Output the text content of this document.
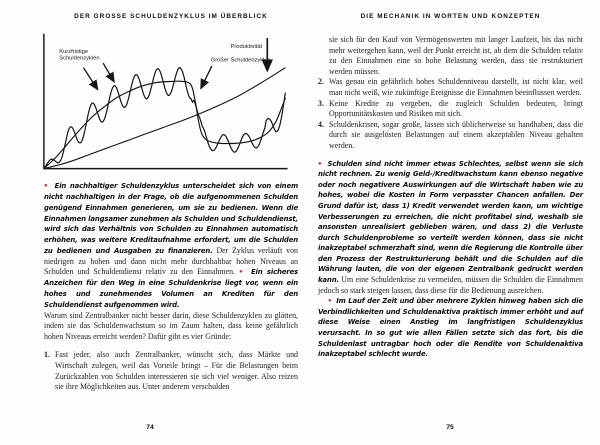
DER GROSSE SCHULDENZYKLUS IM ÜBERBLICK
Kurzfristige
Schuldenzyklen	Großer Schuldenzyklus
Produktivität

● Ein nachhaltiger Schuldenzyklus unterscheidet sich von einem nicht nachhaltigen in der Frage, ob die aufgenommenen Schulden genügend Einnahmen generieren, um sie zu bedienen. Wenn die Einnahmen langsamer zunehmen als Schulden und Schuldendienst, wird sich das Verhältnis von Schulden zu Einnahmen automatisch erhöhen, was weitere Kreditaufnahme erfordert, um die Schulden zu bedienen und Ausgaben zu finanzieren. Der Zyklus verläuft von niedrigen zu hohen und dann nicht mehr durchhaltbar hohen Niveaus an Schulden und Schuldendienst relativ zu den Einnahmen. ● Ein sicheres Anzeichen für den Weg in eine Schuldenkrise liegt vor, wenn ein hohes und zunehmendes Volumen an Krediten für den Schuldendienst aufgenommen wird.

Warum sind Zentralbanker nicht besser darin, diese Schuldenzyklen zu glätten, indem sie das Schuldenwachstum so im Zaum halten, dass keine gefährlich hohen Niveaus erreicht werden? Dafür gibt es vier Gründe:

1. Fast jeder, also auch Zentralbanker, wünscht sich, dass Märkte und Wirtschaft zulegen, weil das Vorteile bringt – Für die Belastungen beim Zurückzahlen von Schulden interessieren sie sich viel weniger. Also reizen sie ihre Möglichkeiten aus. Unter anderem verschulden
74
DIE MECHANIK IN WORTEN UND KONZEPTEN
sie sich für den Kauf von Vermögenswerten mit langer Laufzeit, bis das nicht mehr weitergehen kann, weil der Punkt erreicht ist, ab dem die Schulden relativ zu den Einnahmen eine so hohe Belastung werden, dass sie restrukturiert werden müssen.
2. Was genau ein gefährlich hohes Schuldenniveau darstellt, ist nicht klar, weil man nicht weiß, wie zukünftige Ereignisse die Einnahmen beeinflussen werden.
3. Keine Kredite zu vergeben, die zugleich Schulden bedeuten, bringt Opportunitätskosten und Risiken mit sich.
4. Schuldenkrisen, sogar große, lassen sich üblicherweise so handhaben, dass die durch sie ausgelösten Belastungen auf einem akzeptablen Niveau gehalten werden.

● Schulden sind nicht immer etwas Schlechtes, selbst wenn sie sich nicht rechnen. Zu wenig Geld-/Kreditwachstum kann ebenso negative oder noch negativere Auswirkungen auf die Wirtschaft haben wie zu hohes, wobei die Kosten in Form verpasster Chancen anfallen. Der Grund dafür ist, dass 1) Kredit verwendet werden kann, um wichtige Verbesserungen zu erreichen, die nicht profitabel sind, weshalb sie ansonsten unrealisiert geblieben wären, und dass 2) die Verluste durch Schuldenprobleme so verteilt werden können, dass sie nicht inakzeptabel schmerzhaft sind, wenn die Regierung die Kontrolle über den Prozess der Restrukturierung behält und die Schulden auf die Währung lauten, die von der eigenen Zentralbank gedruckt werden kann. Um eine Schuldenkrise zu vermeiden, müssen die Schulden die Einnahmen jedoch so stark steigen lassen, dass diese für die Bedienung ausreichen.

● Im Lauf der Zeit und über mehrere Zyklen hinweg haben sich die Verbindlichkeiten und Schuldenaktiva praktisch immer erhöht und auf diese Weise einen Anstieg im langfristigen Schuldenzyklus verursacht. In so gut wie allen Fällen setzte sich das fort, bis die Schuldenlast untragbar hoch oder die Rendite von Schuldenaktiva inakzeptabel schlecht wurde.

75
